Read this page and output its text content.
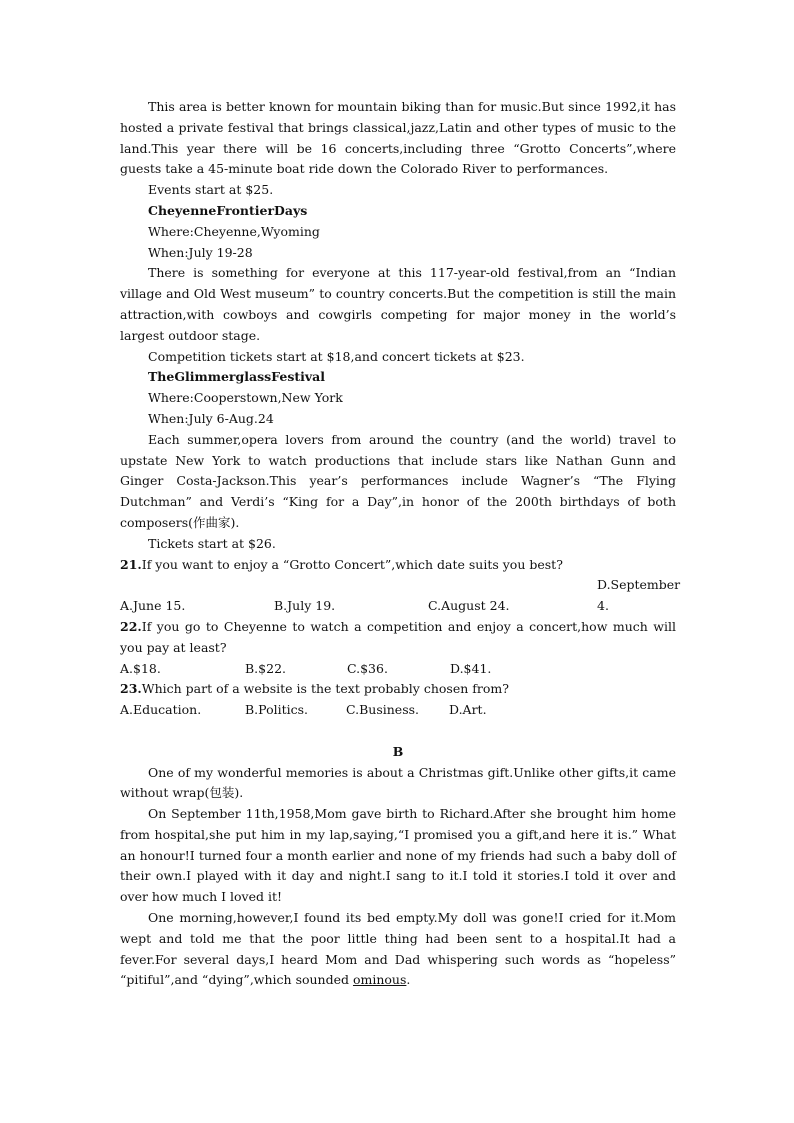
This area is better known for mountain biking than for music.But since 1992,it has hosted a private festival that brings classical,jazz,Latin and other types of music to the land.This year there will be 16 concerts,including three “Grotto Concerts”,where guests take a 45-minute boat ride down the Colorado River to performances.

Events start at $25.

CheyenneFrontierDays

Where:Cheyenne,Wyoming

When:July 19-28

There is something for everyone at this 117-year-old festival,from an “Indian village and Old West museum” to country concerts.But the competition is still the main attraction,with cowboys and cowgirls competing for major money in the world’s largest outdoor stage.

Competition tickets start at $18,and concert tickets at $23.

TheGlimmerglassFestival

Where:Cooperstown,New York

When:July 6-Aug.24

Each summer,opera lovers from around the country (and the world) travel to upstate New York to watch productions that include stars like Nathan Gunn and Ginger Costa-Jackson.This year’s performances include Wagner’s “The Flying Dutchman” and Verdi’s “King for a Day”,in honor of the 200th birthdays of both composers(作曲家).

Tickets start at $26.

21.If you want to enjoy a “Grotto Concert”,which date suits you best?

A.June 15.	B.July 19.	C.August 24.D.September 4.

22.If you go to Cheyenne to watch a competition and enjoy a concert,how much will you pay at least?

A.$18.	B.$22.	C.$36.	D.$41.

23.Which part of a website is the text probably chosen from?

A.Education.	B.Politics.	C.Business.	D.Art.

B

One of my wonderful memories is about a Christmas gift.Unlike other gifts,it came without wrap(包装).

On September 11th,1958,Mom gave birth to Richard.After she brought him home from hospital,she put him in my lap,saying,“I promised you a gift,and here it is.” What an honour!I turned four a month earlier and none of my friends had such a baby doll of their own.I played with it day and night.I sang to it.I told it stories.I told it over and over how much I loved it!

One morning,however,I found its bed empty.My doll was gone!I cried for it.Mom wept and told me that the poor little thing had been sent to a hospital.It had a fever.For several days,I heard Mom and Dad whispering such words as “hopeless” “pitiful”,and “dying”,which sounded ominous.
